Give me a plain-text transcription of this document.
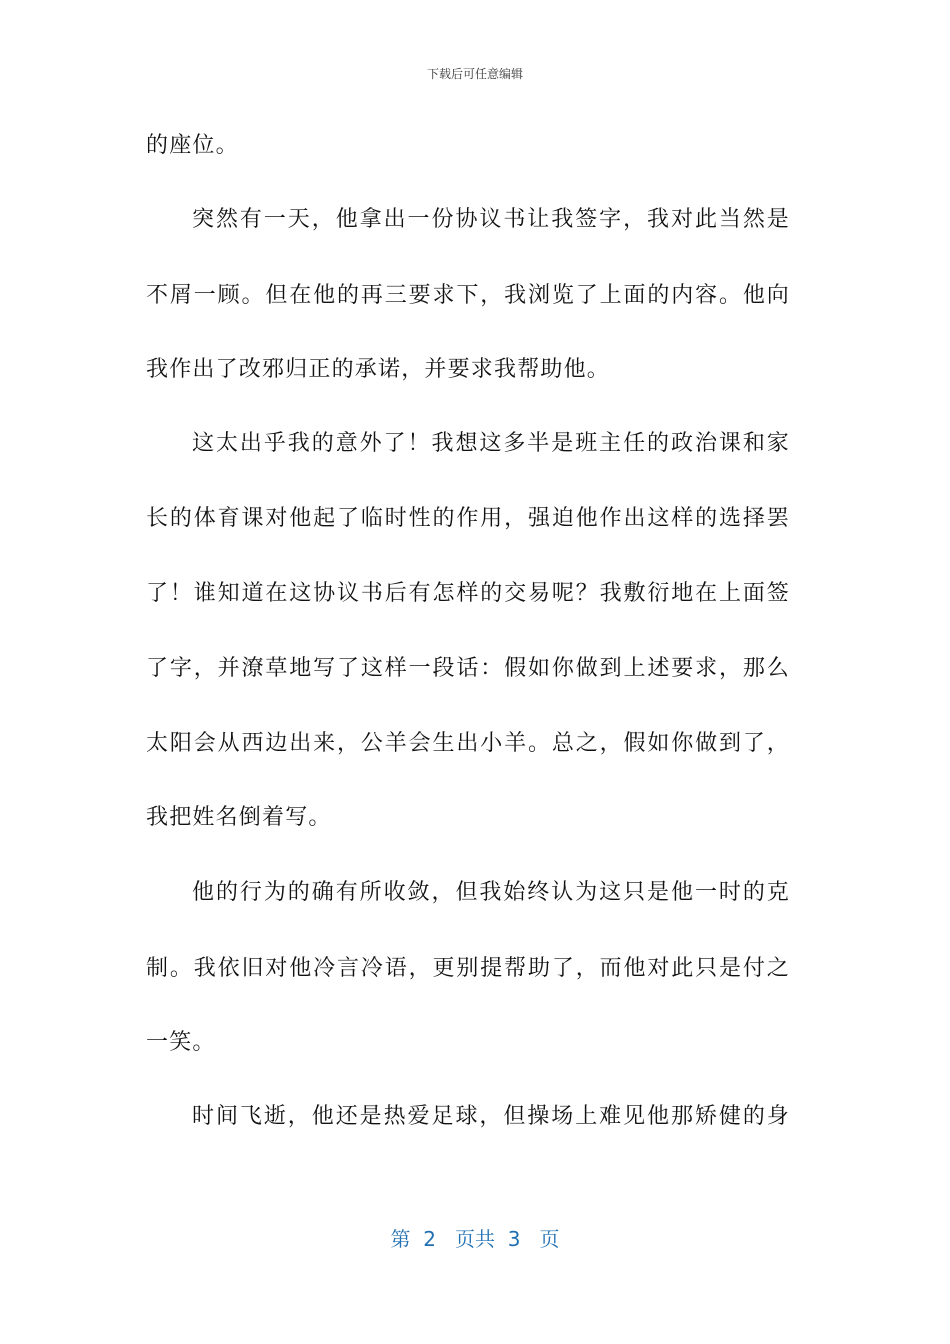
下载后可任意编辑
的座位。
突然有一天，他拿出一份协议书让我签字，我对此当然是
不屑一顾。但在他的再三要求下，我浏览了上面的内容。他向
我作出了改邪归正的承诺，并要求我帮助他。
这太出乎我的意外了！我想这多半是班主任的政治课和家
长的体育课对他起了临时性的作用，强迫他作出这样的选择罢
了！谁知道在这协议书后有怎样的交易呢？我敷衍地在上面签
了字，并潦草地写了这样一段话：假如你做到上述要求，那么
太阳会从西边出来，公羊会生出小羊。总之，假如你做到了，
我把姓名倒着写。
他的行为的确有所收敛，但我始终认为这只是他一时的克
制。我依旧对他冷言冷语，更别提帮助了，而他对此只是付之
一笑。
时间飞逝，他还是热爱足球，但操场上难见他那矫健的身
第  2   页共  3   页
